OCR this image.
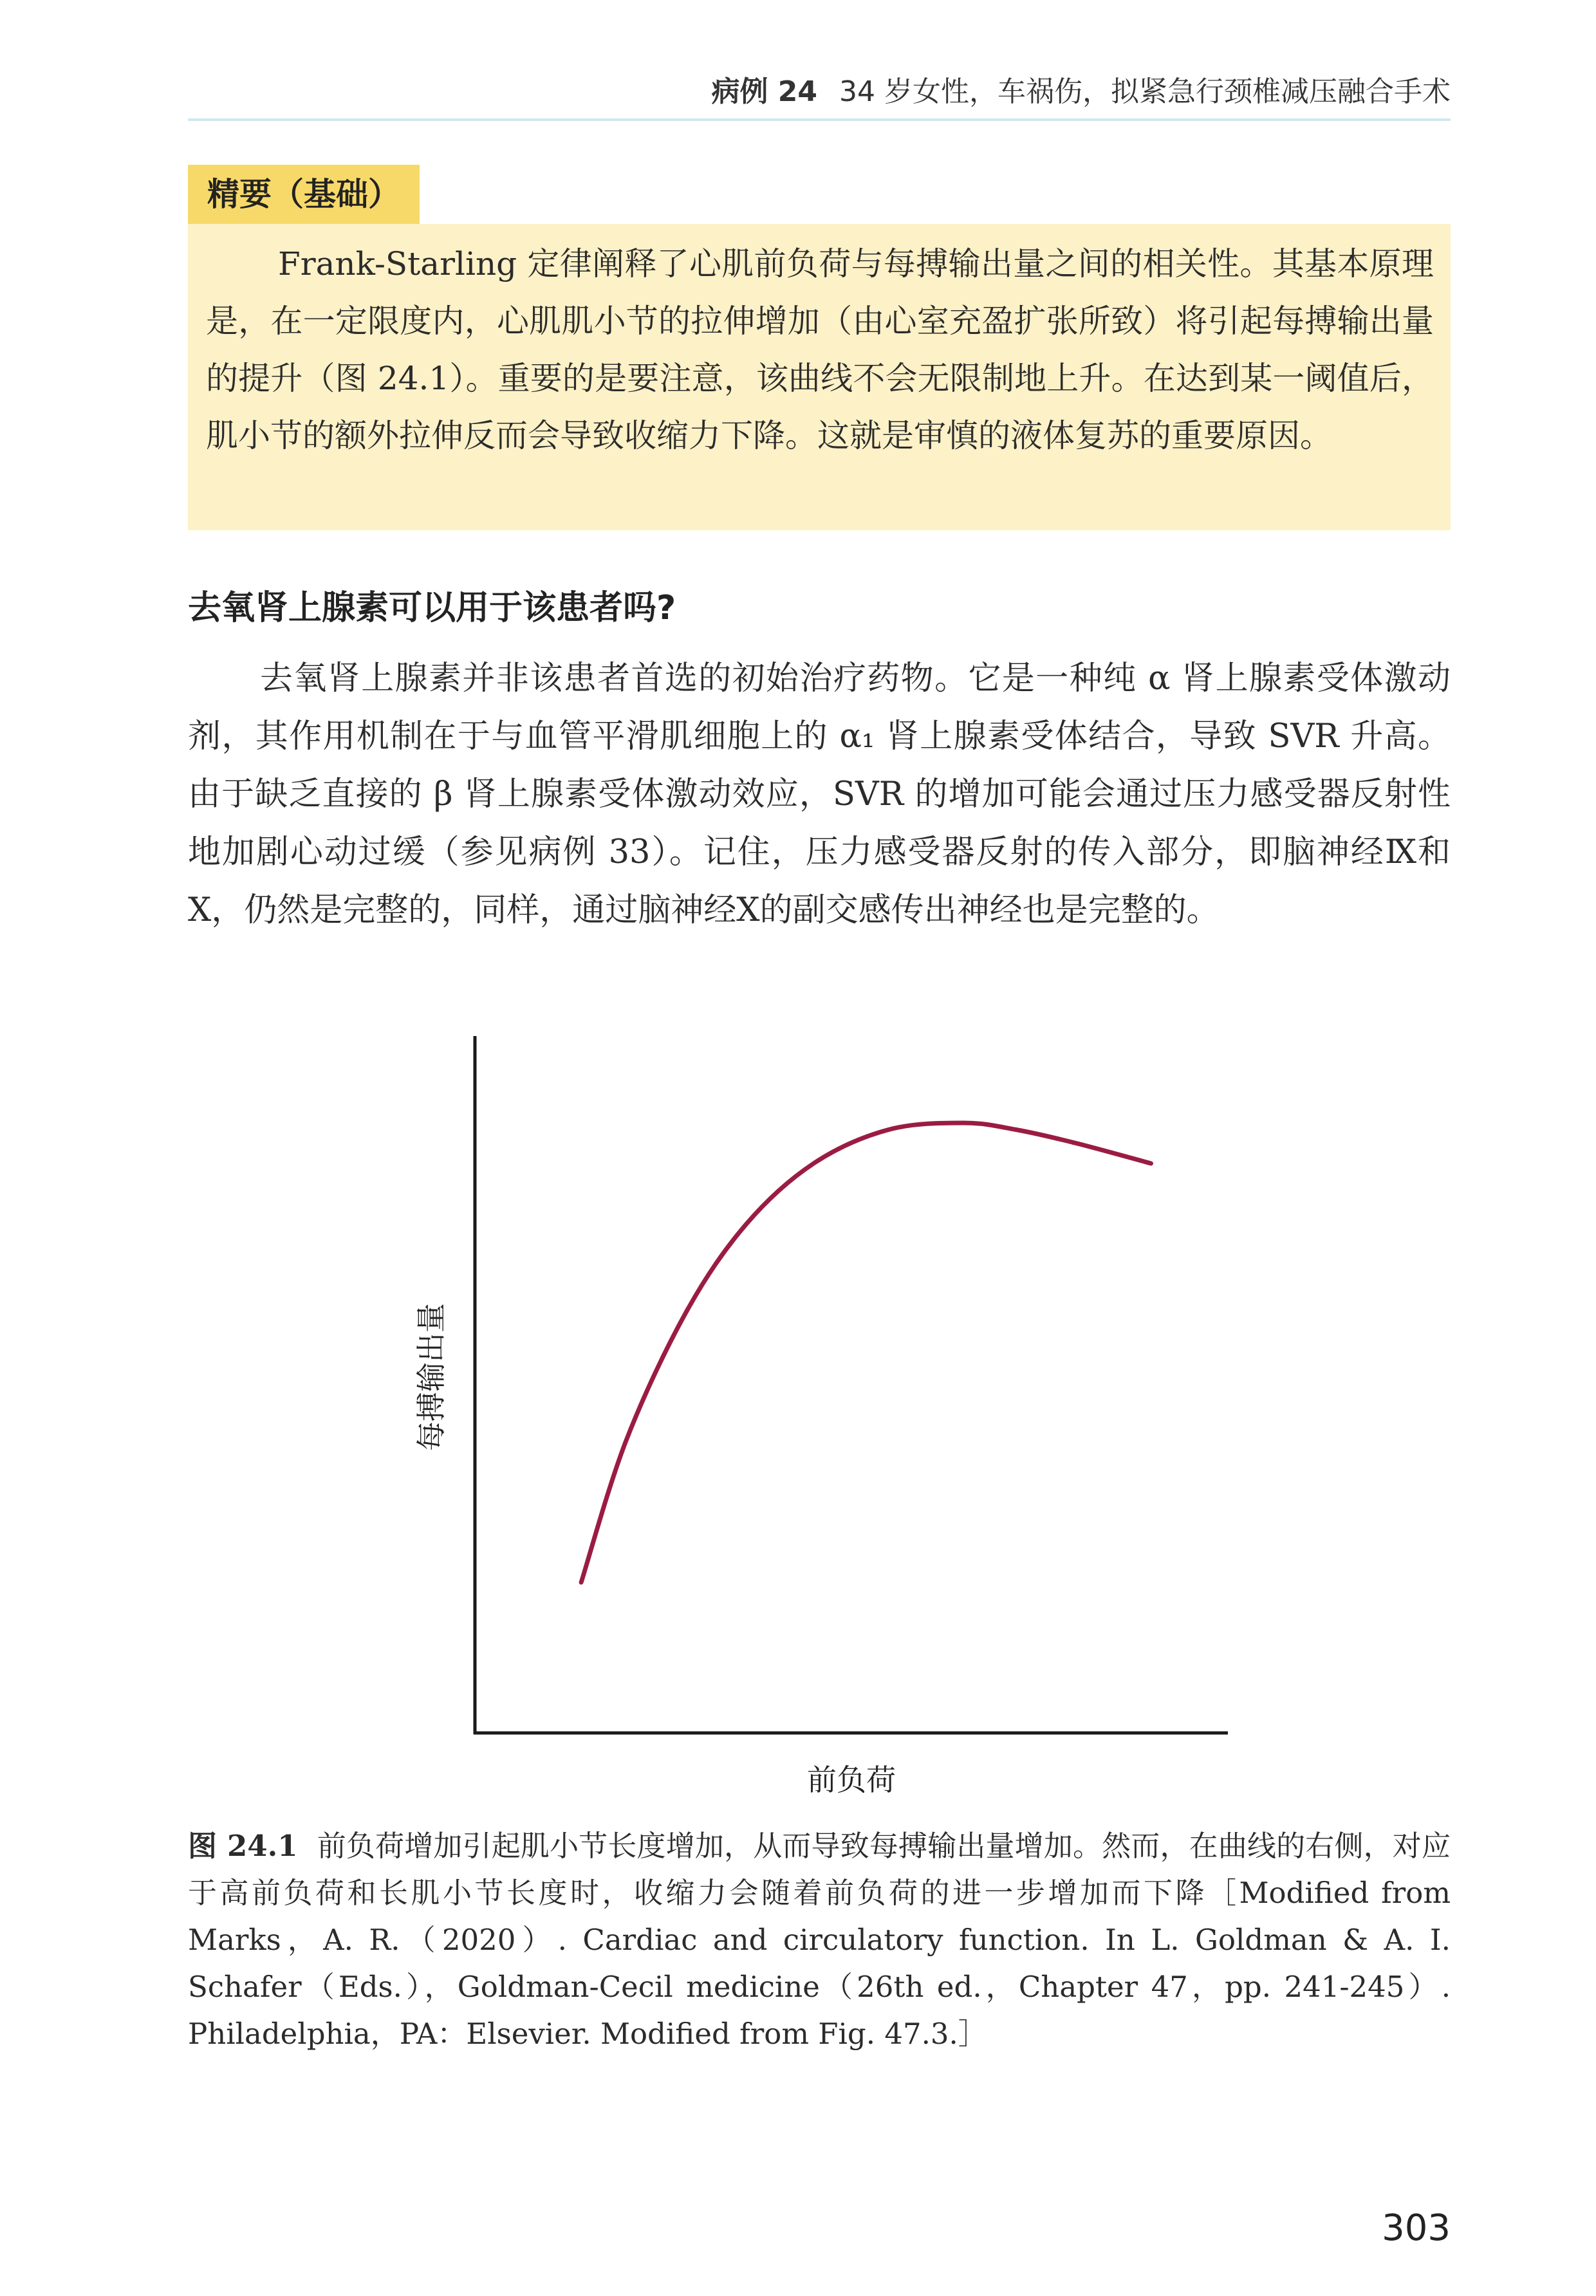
病例 24 34 岁女性，车祸伤，拟紧急行颈椎减压融合手术
精要（基础）

Frank-Starling 定律阐释了心肌前负荷与每搏输出量之间的相关性。其基本原理是，在一定限度内，心肌肌小节的拉伸增加（由心室充盈扩张所致）将引起每搏输出量的提升（图 24.1）。重要的是要注意，该曲线不会无限制地上升。在达到某一阈值后，肌小节的额外拉伸反而会导致收缩力下降。这就是审慎的液体复苏的重要原因。

去氧肾上腺素可以用于该患者吗?

去氧肾上腺素并非该患者首选的初始治疗药物。它是一种纯 α 肾上腺素受体激动剂，其作用机制在于与血管平滑肌细胞上的 α₁ 肾上腺素受体结合，导致 SVR 升高。由于缺乏直接的 β 肾上腺素受体激动效应，SVR 的增加可能会通过压力感受器反射性地加剧心动过缓（参见病例 33）。记住，压力感受器反射的传入部分，即脑神经Ⅸ和Ⅹ，仍然是完整的，同样，通过脑神经Ⅹ的副交感传出神经也是完整的。

前负荷
每搏输出量

图 24.1 前负荷增加引起肌小节长度增加，从而导致每搏输出量增加。然而，在曲线的右侧，对应于高前负荷和长肌小节长度时，收缩力会随着前负荷的进一步增加而下降［Modified from Marks，A. R.（2020）. Cardiac and circulatory function. In L. Goldman & A. I. Schafer（Eds.），Goldman-Cecil medicine（26th ed.，Chapter 47，pp. 241-245）. Philadelphia，PA：Elsevier. Modified from Fig. 47.3.］

303
